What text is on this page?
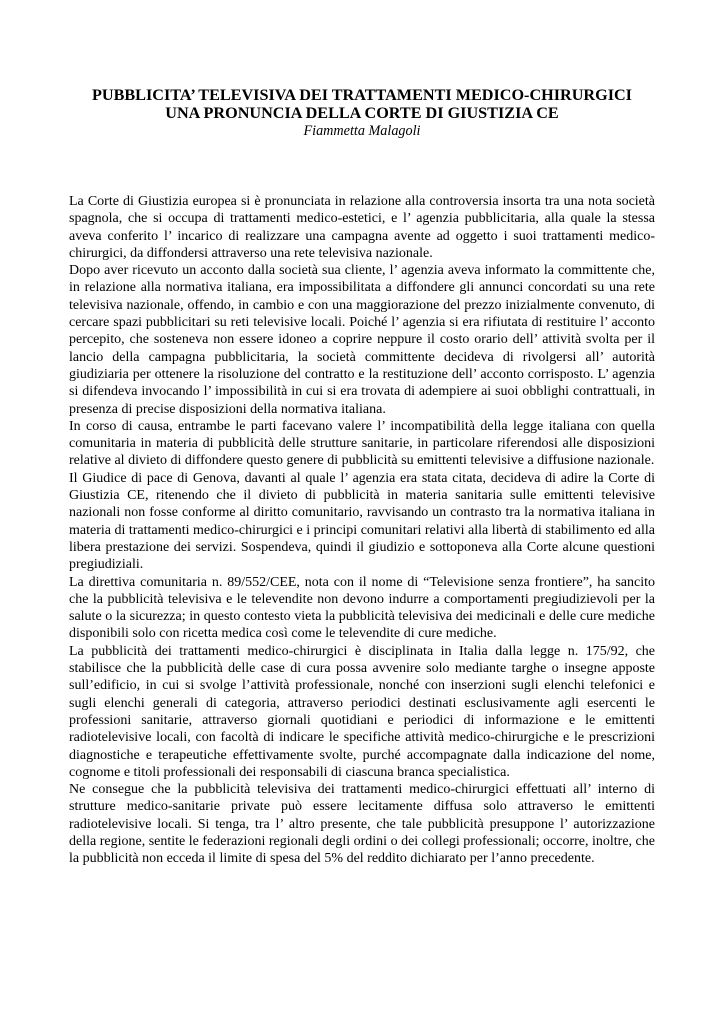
PUBBLICITA’ TELEVISIVA DEI TRATTAMENTI MEDICO-CHIRURGICI
UNA PRONUNCIA DELLA CORTE DI GIUSTIZIA CE
Fiammetta Malagoli

La Corte di Giustizia europea si è pronunciata in relazione alla controversia insorta tra una nota società spagnola, che si occupa di trattamenti medico-estetici, e l’ agenzia pubblicitaria, alla quale la stessa aveva conferito l’ incarico di realizzare una campagna avente ad oggetto i suoi trattamenti medico-chirurgici, da diffondersi attraverso una rete televisiva nazionale.

Dopo aver ricevuto un acconto dalla società sua cliente, l’ agenzia aveva informato la committente che, in relazione alla normativa italiana, era impossibilitata a diffondere gli annunci concordati su una rete televisiva nazionale, offendo, in cambio e con una maggiorazione del prezzo inizialmente convenuto, di cercare spazi pubblicitari su reti televisive locali. Poiché l’ agenzia si era rifiutata di restituire l’ acconto percepito, che sosteneva non essere idoneo a coprire neppure il costo orario dell’ attività svolta per il lancio della campagna pubblicitaria, la società committente decideva di rivolgersi all’ autorità giudiziaria per ottenere la risoluzione del contratto e la restituzione dell’ acconto corrisposto. L’ agenzia si difendeva invocando l’ impossibilità in cui si era trovata di adempiere ai suoi obblighi contrattuali, in presenza di precise disposizioni della normativa italiana.

In corso di causa, entrambe le parti facevano valere l’ incompatibilità della legge italiana con quella comunitaria in materia di pubblicità delle strutture sanitarie, in particolare riferendosi alle disposizioni relative al divieto di diffondere questo genere di pubblicità su emittenti televisive a diffusione nazionale.

Il Giudice di pace di Genova, davanti al quale l’ agenzia era stata citata, decideva di adire la Corte di Giustizia CE, ritenendo che il divieto di pubblicità in materia sanitaria sulle emittenti televisive nazionali non fosse conforme al diritto comunitario, ravvisando un contrasto tra la normativa italiana in materia di trattamenti medico-chirurgici e i principi comunitari relativi alla libertà di stabilimento ed alla libera prestazione dei servizi. Sospendeva, quindi il giudizio e sottoponeva alla Corte alcune questioni pregiudiziali.

La direttiva comunitaria n. 89/552/CEE, nota con il nome di “Televisione senza frontiere”, ha sancito che la pubblicità televisiva e le televendite non devono indurre a comportamenti pregiudizievoli per la salute o la sicurezza; in questo contesto vieta la pubblicità televisiva dei medicinali e delle cure mediche disponibili solo con ricetta medica così come le televendite di cure mediche.

La pubblicità dei trattamenti medico-chirurgici è disciplinata in Italia dalla legge n. 175/92, che stabilisce che la pubblicità delle case di cura possa avvenire solo mediante targhe o insegne apposte sull’edificio, in cui si svolge l’attività professionale, nonché con inserzioni sugli elenchi telefonici e sugli elenchi generali di categoria, attraverso periodici destinati esclusivamente agli esercenti le professioni sanitarie, attraverso giornali quotidiani e periodici di informazione e le emittenti radiotelevisive locali, con facoltà di indicare le specifiche attività medico-chirurgiche e le prescrizioni diagnostiche e terapeutiche effettivamente svolte, purché accompagnate dalla indicazione del nome, cognome e titoli professionali dei responsabili di ciascuna branca specialistica.

Ne consegue che la pubblicità televisiva dei trattamenti medico-chirurgici effettuati all’ interno di strutture medico-sanitarie private può essere lecitamente diffusa solo attraverso le emittenti radiotelevisive locali. Si tenga, tra l’ altro presente, che tale pubblicità presuppone l’ autorizzazione della regione, sentite le federazioni regionali degli ordini o dei collegi professionali; occorre, inoltre, che la pubblicità non ecceda il limite di spesa del 5% del reddito dichiarato per l’anno precedente.
